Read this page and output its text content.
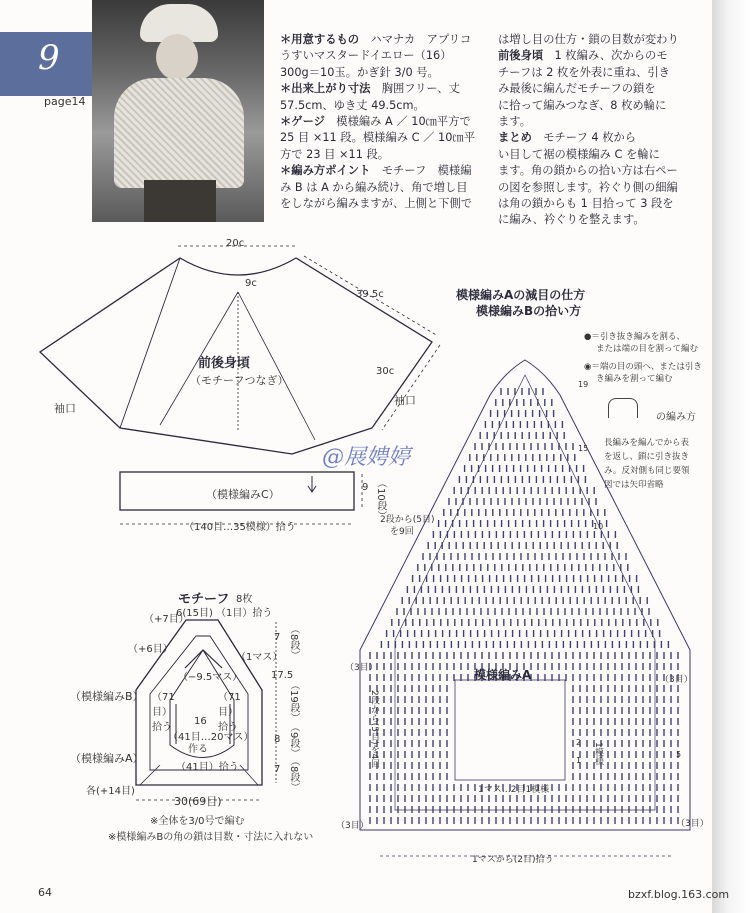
9
page14

＊用意するもの　ハマナカ　アプリコ

うすいマスタードイエロー（16）

300g＝10玉。かぎ針 3/0 号。

＊出来上がり寸法　胸囲フリー、丈

57.5cm、ゆき丈 49.5cm。

＊ゲージ　模様編み A ／ 10㎝平方で

25 目 ×11 段。模様編み C ／ 10㎝平

方で 23 目 ×11 段。

＊編み方ポイント　モチーフ　模様編

み B は A から編み続け、角で増し目

をしながら編みますが、上側と下側で

は増し目の仕方・鎖の目数が変わり

前後身頃　1 枚編み、次からのモ

チーフは 2 枚を外表に重ね、引き

み最後に編んだモチーフの鎖を

に拾って編みつなぎ、8 枚め輪に

ます。

まとめ　モチーフ 4 枚から

い目して裾の模様編み C を輪に

ます。角の鎖からの拾い方は右ペー

の図を参照します。衿ぐり側の細編

は角の鎖からも 1 目拾って 3 段を

に編み、衿ぐりを整えます。

20c
9c
39.5c
30c
前後身頃
（モチーフつなぎ）
袖口
袖口
（模様編みC）
9 （10段）
（140目…35模様）拾う
@展娉婷
モチーフ 8枚
6(15目) （1目）拾う
（+7目）
（+6目）
（1マス）
（−9.5マス）
（71目）拾う
（71目）拾う
16
（41目…20マス）
作る
（41目）拾う
（模様編みB）
（模様編みA）
各(+14目)
30(69目)
7 （8段）
17.5
（19段）
8 （9段）
7 （8段）
※全体を3/0号で編む
※模様編みBの角の鎖は目数・寸法に入れない
模様編みAの減目の仕方
模様編みBの拾い方
●＝引き抜き編みを割る、
または端の目を割って編む
◉＝端の目の頭へ、または引き
き編みを割って編む
の編み方
長編みを編んでから表
を返し、鎖に引き抜き
み。反対側も同じ要領
図では矢印省略
19
15
10
5
2
1
2段から(5目)
を9回
模様編みA
1マス…2目1模様
2段から(5目)を4回	1模様
（3目）
（3目）
（3目）	（3目）
1マスから(2目)拾う
64	bzxf.blog.163.com
